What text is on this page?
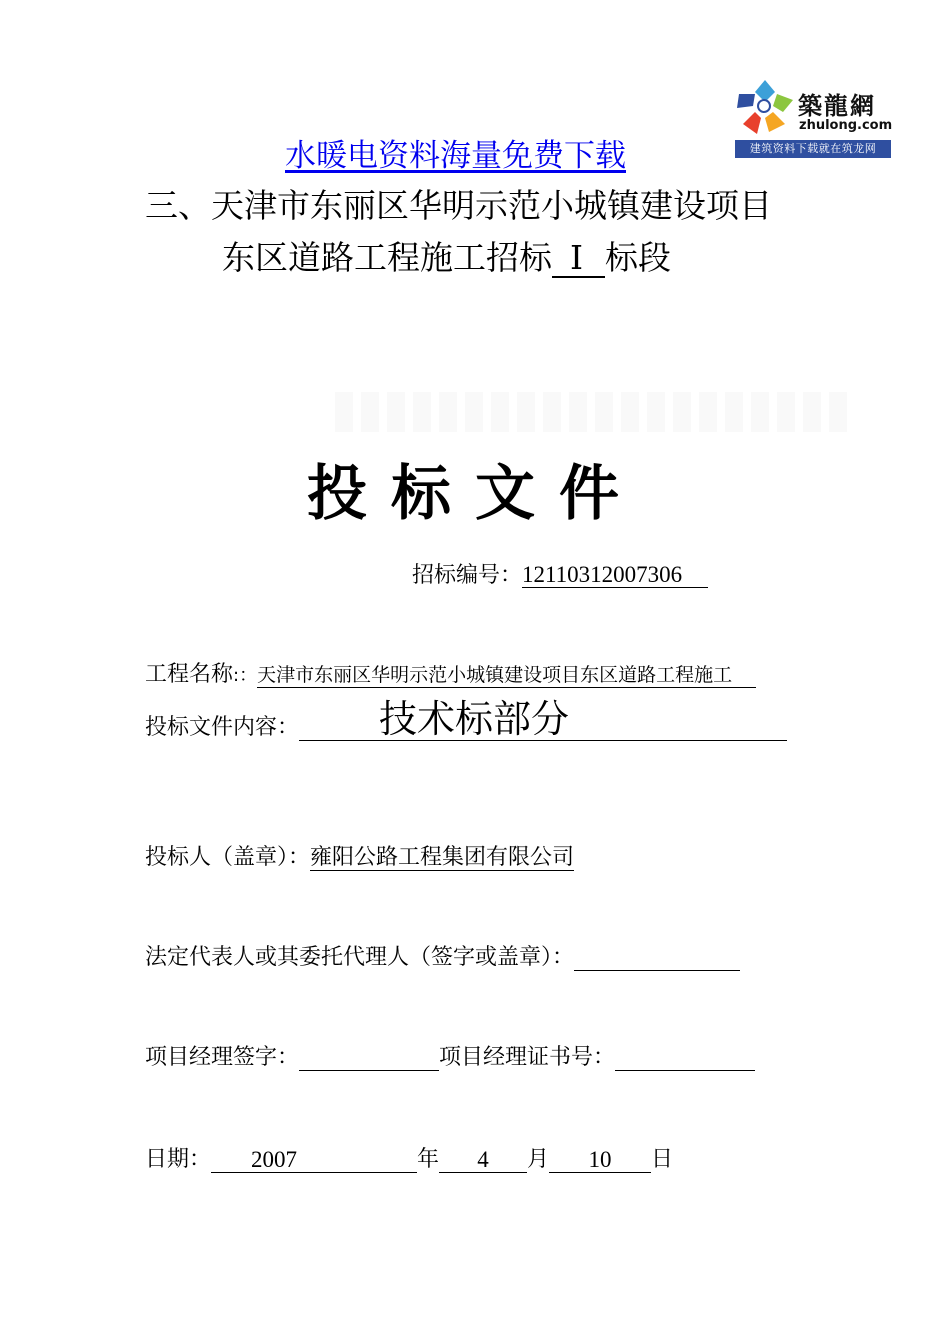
築龍網
zhulong.com
建筑资料下载就在筑龙网
水暖电资料海量免费下载
三、天津市东丽区华明示范小城镇建设项目
东区道路工程施工招标 Ⅰ 标段
投标文件
招标编号：12110312007306
工程名称:：天津市东丽区华明示范小城镇建设项目东区道路工程施工
投标文件内容：	技术标部分
投标人（盖章）：雍阳公路工程集团有限公司
法定代表人或其委托代理人（签字或盖章）：
项目经理签字：	项目经理证书号：
日期：	2007	年	4	月	10	日
